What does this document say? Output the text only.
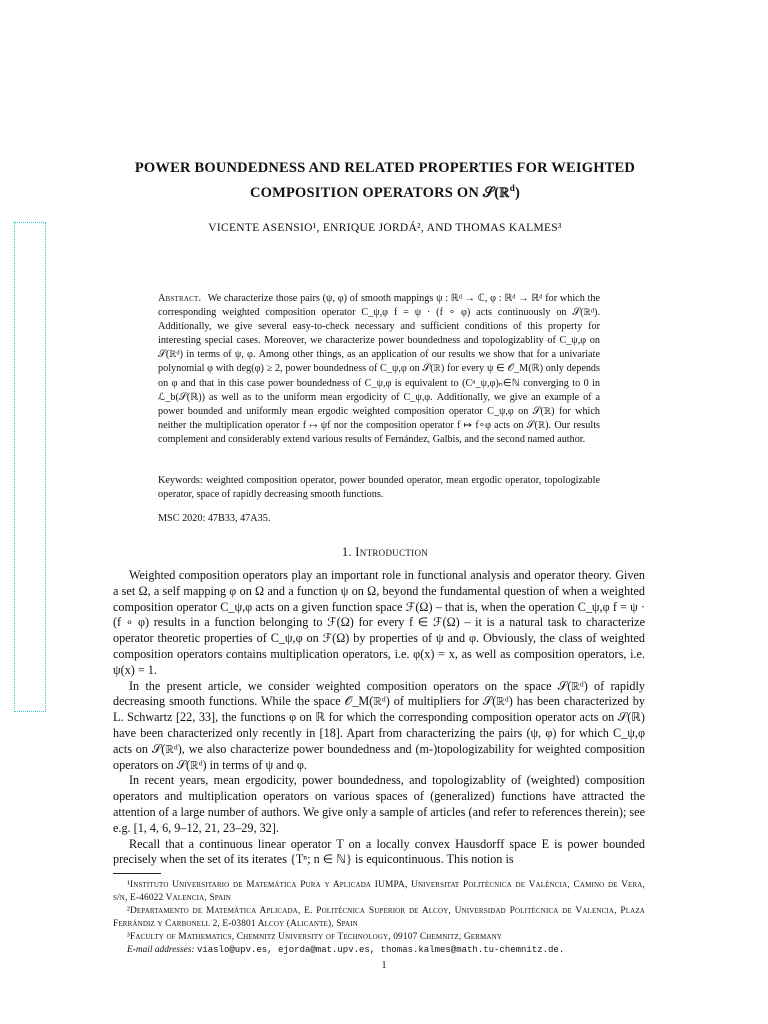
POWER BOUNDEDNESS AND RELATED PROPERTIES FOR WEIGHTED
COMPOSITION OPERATORS ON 𝒮(ℝ$^d$)
VICENTE ASENSIO¹, ENRIQUE JORDÁ², AND THOMAS KALMES³
Abstract. We characterize those pairs (ψ, φ) of smooth mappings ψ : ℝᵈ → ℂ, φ : ℝᵈ → ℝᵈ for which the corresponding weighted composition operator C_ψ,φ f = ψ · (f ∘ φ) acts continuously on 𝒮(ℝᵈ). Additionally, we give several easy-to-check necessary and sufficient conditions of this property for interesting special cases. Moreover, we characterize power boundedness and topologizablity of C_ψ,φ on 𝒮(ℝᵈ) in terms of ψ, φ. Among other things, as an application of our results we show that for a univariate polynomial φ with deg(φ) ≥ 2, power boundedness of C_ψ,φ on 𝒮(ℝ) for every ψ ∈ 𝒪_M(ℝ) only depends on φ and that in this case power boundedness of C_ψ,φ is equivalent to (Cⁿ_ψ,φ)ₙ∈ℕ converging to 0 in ℒ_b(𝒮(ℝ)) as well as to the uniform mean ergodicity of C_ψ,φ. Additionally, we give an example of a power bounded and uniformly mean ergodic weighted composition operator C_ψ,φ on 𝒮(ℝ) for which neither the multiplication operator f ↦ ψf nor the composition operator f ↦ f∘φ acts on 𝒮(ℝ). Our results complement and considerably extend various results of Fernández, Galbis, and the second named author.
Keywords: weighted composition operator, power bounded operator, mean ergodic operator, topologizable operator, space of rapidly decreasing smooth functions.
MSC 2020: 47B33, 47A35.
1. Introduction

Weighted composition operators play an important role in functional analysis and operator theory. Given a set Ω, a self mapping φ on Ω and a function ψ on Ω, beyond the fundamental question of when a weighted composition operator C_ψ,φ acts on a given function space ℱ(Ω) – that is, when the operation C_ψ,φ f = ψ · (f ∘ φ) results in a function belonging to ℱ(Ω) for every f ∈ ℱ(Ω) – it is a natural task to characterize operator theoretic properties of C_ψ,φ on ℱ(Ω) by properties of ψ and φ. Obviously, the class of weighted composition operators contains multiplication operators, i.e. φ(x) = x, as well as composition operators, i.e. ψ(x) = 1.

In the present article, we consider weighted composition operators on the space 𝒮(ℝᵈ) of rapidly decreasing smooth functions. While the space 𝒪_M(ℝᵈ) of multipliers for 𝒮(ℝᵈ) has been characterized by L. Schwartz [22, 33], the functions φ on ℝ for which the corresponding composition operator acts on 𝒮(ℝ) have been characterized only recently in [18]. Apart from characterizing the pairs (ψ, φ) for which C_ψ,φ acts on 𝒮(ℝᵈ), we also characterize power boundedness and (m-)topologizability for weighted composition operators on 𝒮(ℝᵈ) in terms of ψ and φ.

In recent years, mean ergodicity, power boundedness, and topologizablity of (weighted) composition operators and multiplication operators on various spaces of (generalized) functions have attracted the attention of a large number of authors. We give only a sample of articles (and refer to references therein); see e.g. [1, 4, 6, 9–12, 21, 23–29, 32].

Recall that a continuous linear operator T on a locally convex Hausdorff space E is power bounded precisely when the set of its iterates {Tⁿ; n ∈ ℕ} is equicontinuous. This notion is

¹Instituto Universitario de Matemática Pura y Aplicada IUMPA, Universitat Politècnica de València, Camino de Vera, s/n, E-46022 Valencia, Spain

²Departamento de Matemática Aplicada, E. Politécnica Superior de Alcoy, Universidad Politécnica de Valencia, Plaza Ferrándiz y Carbonell 2, E-03801 Alcoy (Alicante), Spain

³Faculty of Mathematics, Chemnitz University of Technology, 09107 Chemnitz, Germany

E-mail addresses: viaslo@upv.es, ejorda@mat.upv.es, thomas.kalmes@math.tu-chemnitz.de.

1
